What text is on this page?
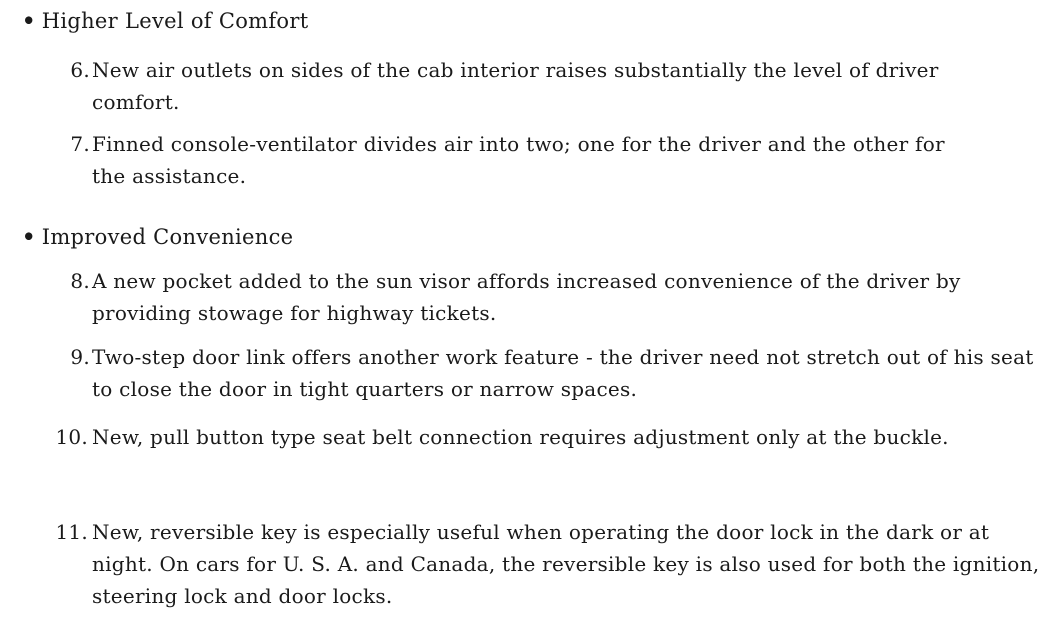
• Higher Level of Comfort
6. New air outlets on sides of the cab interior raises substantially the level of driver comfort.
7. Finned console-ventilator divides air into two; one for the driver and the other for the assistance.
• Improved Convenience
8. A new pocket added to the sun visor affords increased convenience of the driver by providing stowage for highway tickets.
9. Two-step door link offers another work feature - the driver need not stretch out of his seat to close the door in tight quarters or narrow spaces.
10. New, pull button type seat belt connection requires adjustment only at the buckle.
11. New, reversible key is especially useful when operating the door lock in the dark or at night. On cars for U. S. A. and Canada, the reversible key is also used for both the ignition, steering lock and door locks.
